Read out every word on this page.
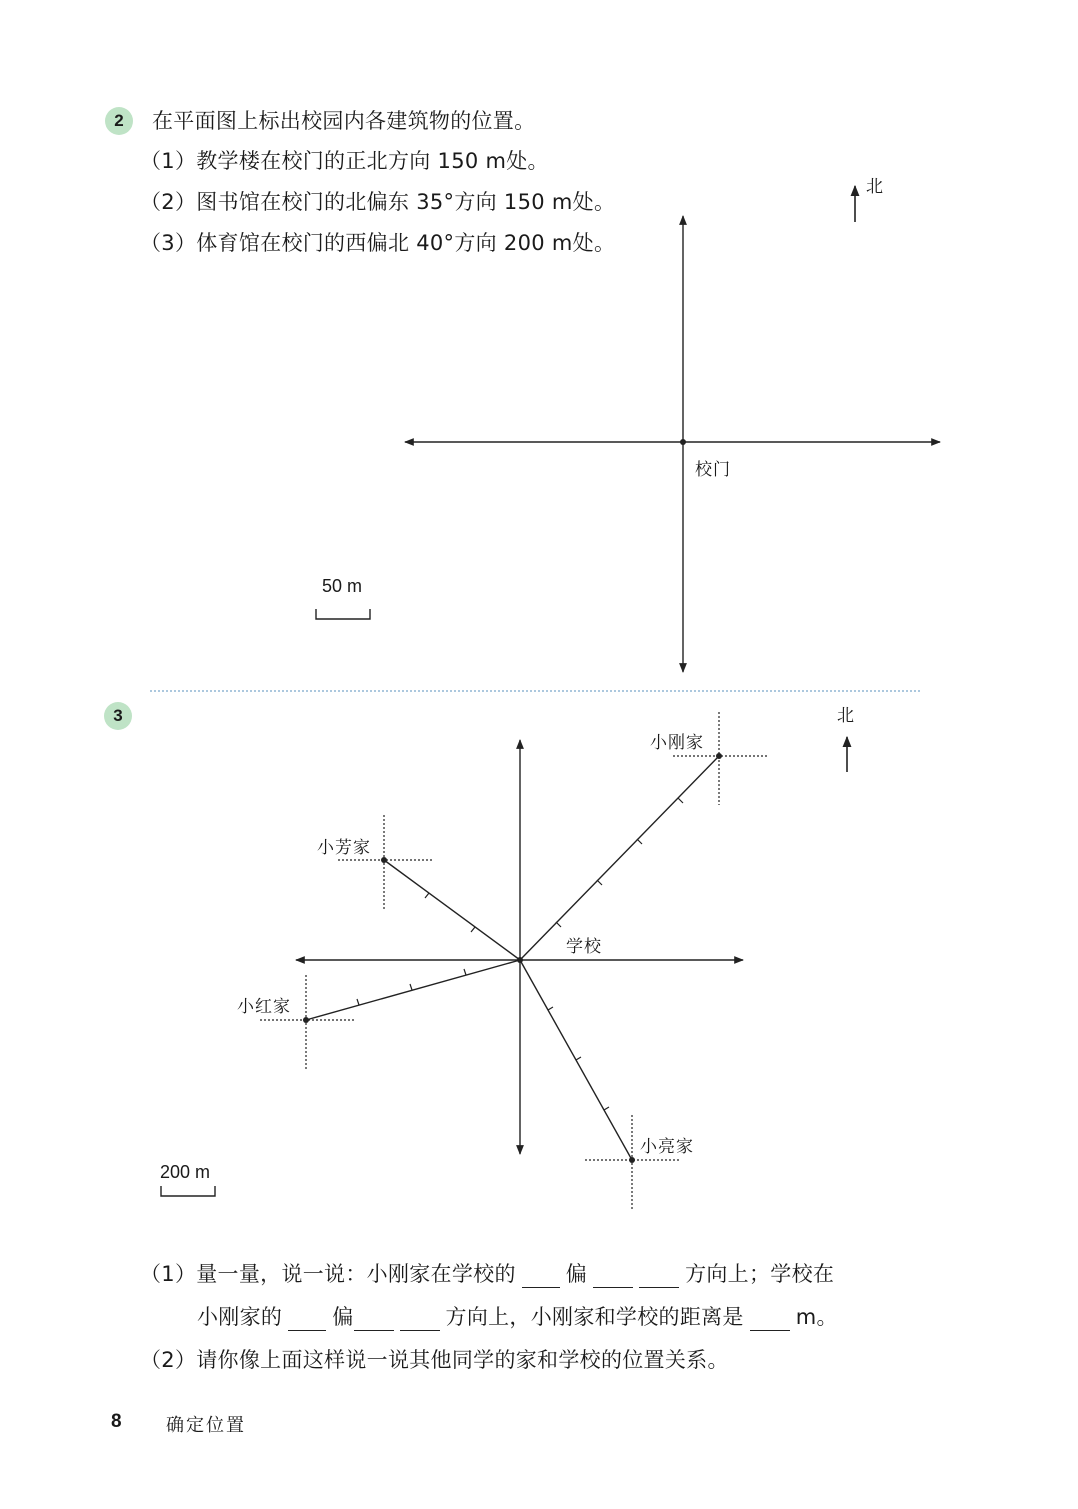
2	在平面图上标出校园内各建筑物的位置。
（1）教学楼在校门的正北方向 150 m处。
（2）图书馆在校门的北偏东 35°方向 150 m处。
（3）体育馆在校门的西偏北 40°方向 200 m处。
北
校门
50 m
3	北
小刚家
小芳家
学校
小红家
小亮家
200 m
（1）量一量，说一说：小刚家在学校的 偏	方向上；学校在
小刚家的 偏	方向上，小刚家和学校的距离是 m。
（2）请你像上面这样说一说其他同学的家和学校的位置关系。
8 确定位置
